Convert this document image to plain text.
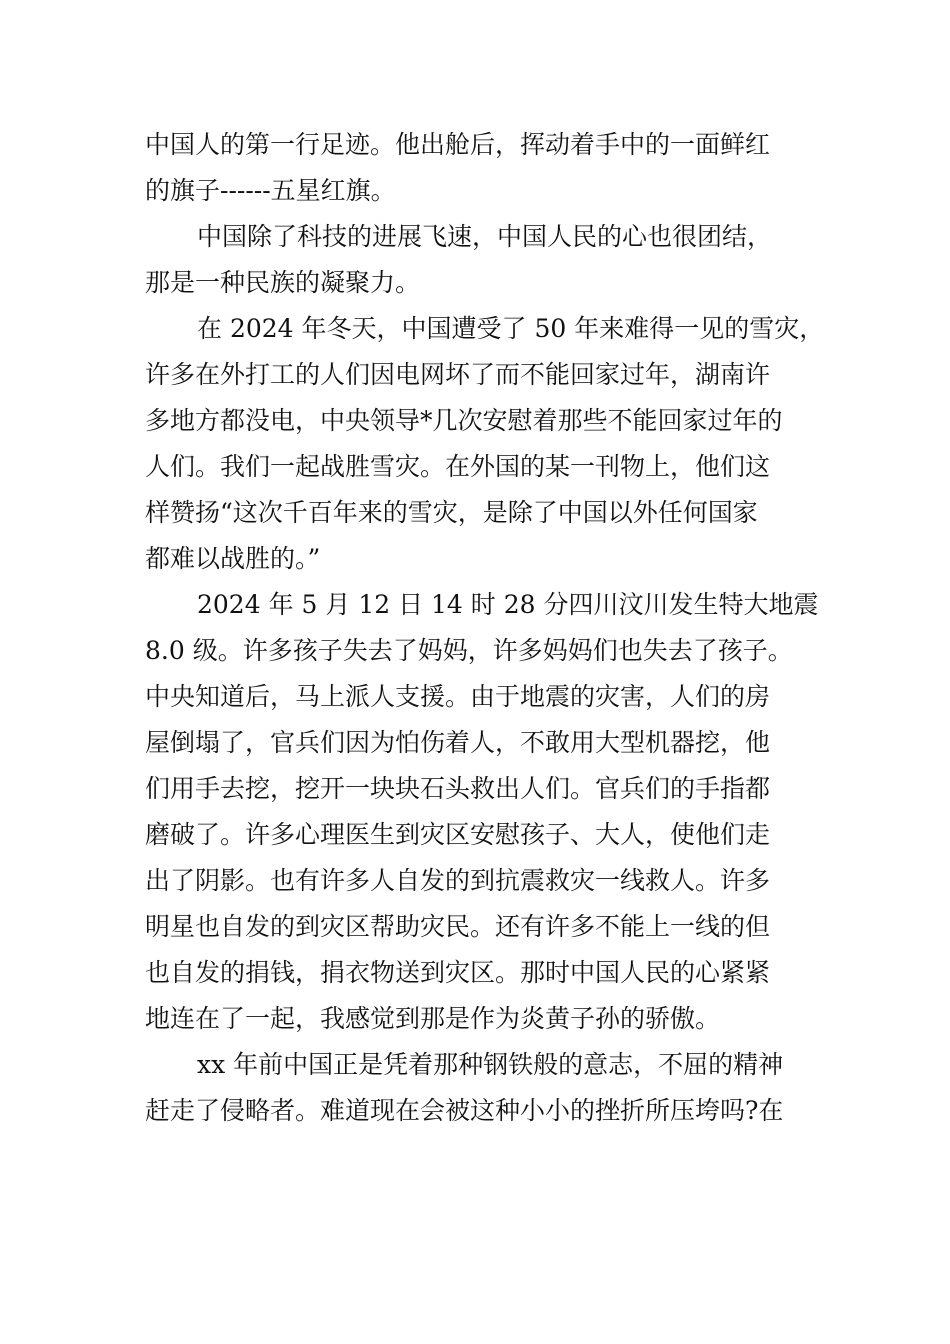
中国人的第一行足迹。他出舱后，挥动着手中的一面鲜红
的旗子------五星红旗。

中国除了科技的进展飞速，中国人民的心也很团结，
那是一种民族的凝聚力。

在 2024 年冬天，中国遭受了 50 年来难得一见的雪灾，
许多在外打工的人们因电网坏了而不能回家过年，湖南许
多地方都没电，中央领导*几次安慰着那些不能回家过年的
人们。我们一起战胜雪灾。在外国的某一刊物上，他们这
样赞扬“这次千百年来的雪灾，是除了中国以外任何国家
都难以战胜的。”

2024 年 5 月 12 日 14 时 28 分四川汶川发生特大地震
8.0 级。许多孩子失去了妈妈，许多妈妈们也失去了孩子。
中央知道后，马上派人支援。由于地震的灾害，人们的房
屋倒塌了，官兵们因为怕伤着人，不敢用大型机器挖，他
们用手去挖，挖开一块块石头救出人们。官兵们的手指都
磨破了。许多心理医生到灾区安慰孩子、大人，使他们走
出了阴影。也有许多人自发的到抗震救灾一线救人。许多
明星也自发的到灾区帮助灾民。还有许多不能上一线的但
也自发的捐钱，捐衣物送到灾区。那时中国人民的心紧紧
地连在了一起，我感觉到那是作为炎黄子孙的骄傲。

xx 年前中国正是凭着那种钢铁般的意志，不屈的精神
赶走了侵略者。难道现在会被这种小小的挫折所压垮吗?在
